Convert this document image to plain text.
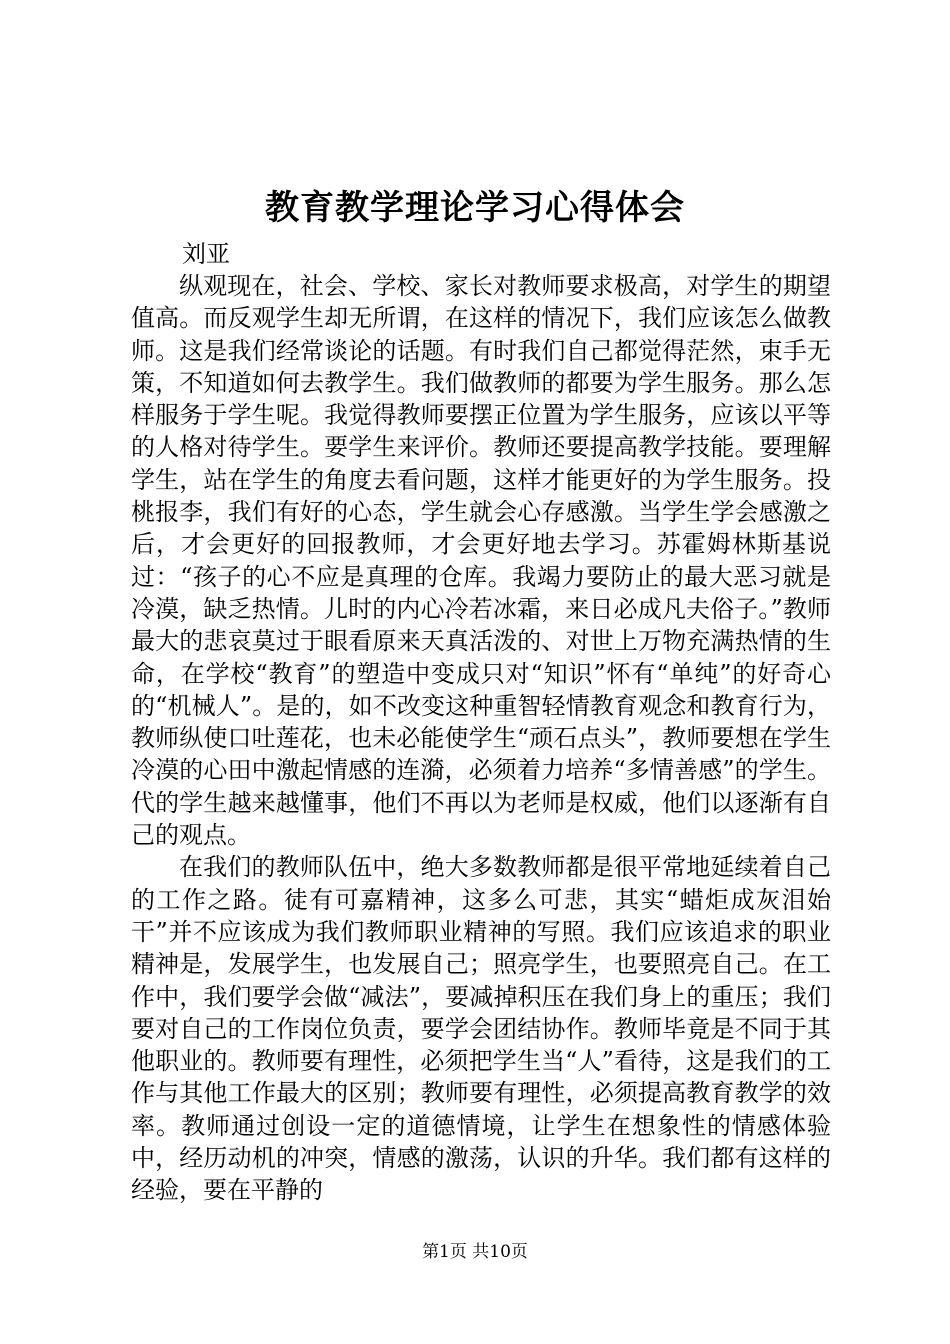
教育教学理论学习心得体会
刘亚

纵观现在，社会、学校、家长对教师要求极高，对学生的期望值高。而反观学生却无所谓，在这样的情况下，我们应该怎么做教师。这是我们经常谈论的话题。有时我们自己都觉得茫然，束手无策，不知道如何去教学生。我们做教师的都要为学生服务。那么怎样服务于学生呢。我觉得教师要摆正位置为学生服务，应该以平等的人格对待学生。要学生来评价。教师还要提高教学技能。要理解学生，站在学生的角度去看问题，这样才能更好的为学生服务。投桃报李，我们有好的心态，学生就会心存感激。当学生学会感激之后，才会更好的回报教师，才会更好地去学习。苏霍姆林斯基说过：“孩子的心不应是真理的仓库。我竭力要防止的最大恶习就是冷漠，缺乏热情。儿时的内心冷若冰霜，来日必成凡夫俗子。”教师最大的悲哀莫过于眼看原来天真活泼的、对世上万物充满热情的生命，在学校“教育”的塑造中变成只对“知识”怀有“单纯”的好奇心的“机械人”。是的，如不改变这种重智轻情教育观念和教育行为，教师纵使口吐莲花，也未必能使学生“顽石点头”，教师要想在学生冷漠的心田中激起情感的连漪，必须着力培养“多情善感”的学生。代的学生越来越懂事，他们不再以为老师是权威，他们以逐渐有自己的观点。

在我们的教师队伍中，绝大多数教师都是很平常地延续着自己的工作之路。徒有可嘉精神，这多么可悲，其实“蜡炬成灰泪始干”并不应该成为我们教师职业精神的写照。我们应该追求的职业精神是，发展学生，也发展自己；照亮学生，也要照亮自己。在工作中，我们要学会做“减法”，要减掉积压在我们身上的重压；我们要对自己的工作岗位负责，要学会团结协作。教师毕竟是不同于其他职业的。教师要有理性，必须把学生当“人”看待，这是我们的工作与其他工作最大的区别；教师要有理性，必须提高教育教学的效率。教师通过创设一定的道德情境，让学生在想象性的情感体验中，经历动机的冲突，情感的激荡，认识的升华。我们都有这样的经验，要在平静的

第1页 共10页
